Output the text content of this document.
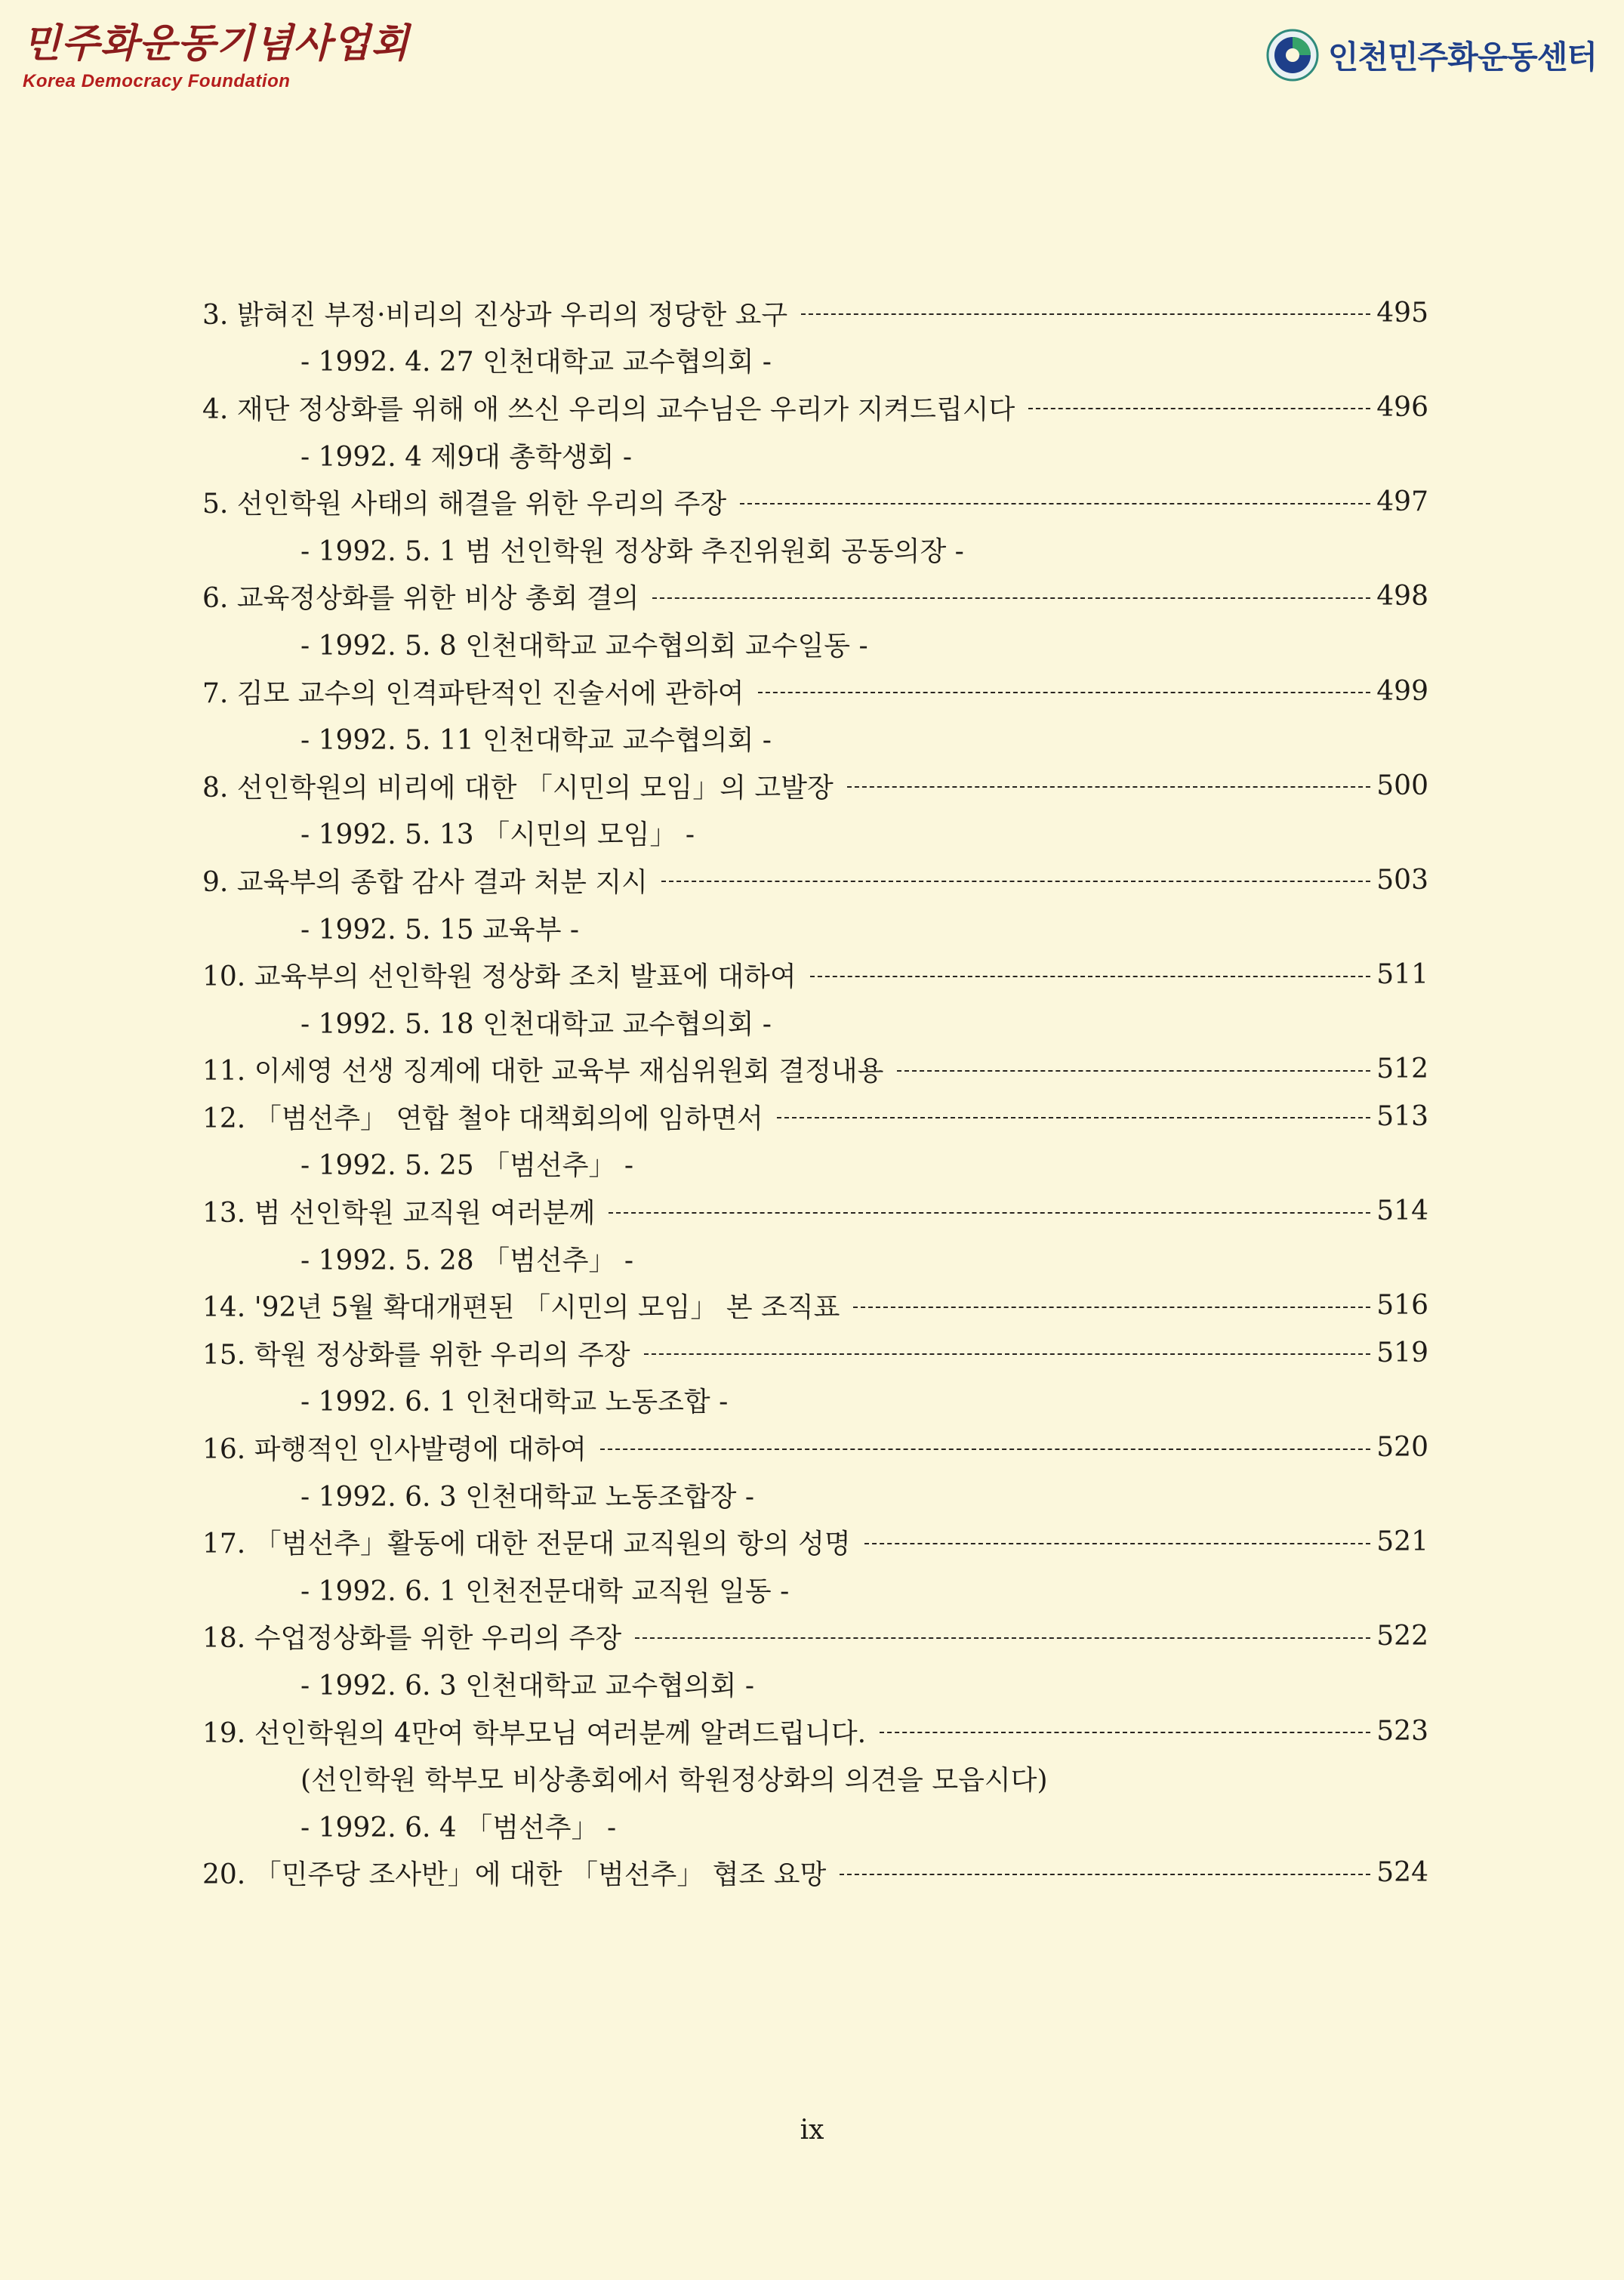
민주화운동기념사업회
Korea Democracy Foundation
인천민주화운동센터
3. 밝혀진 부정·비리의 진상과 우리의 정당한 요구	495
- 1992. 4. 27 인천대학교 교수협의회 -
4. 재단 정상화를 위해 애 쓰신 우리의 교수님은 우리가 지켜드립시다	496
- 1992. 4 제9대 총학생회 -
5. 선인학원 사태의 해결을 위한 우리의 주장	497
- 1992. 5. 1 범 선인학원 정상화 추진위원회 공동의장 -
6. 교육정상화를 위한 비상 총회 결의	498
- 1992. 5. 8 인천대학교 교수협의회 교수일동 -
7. 김모 교수의 인격파탄적인 진술서에 관하여	499
- 1992. 5. 11 인천대학교 교수협의회 -
8. 선인학원의 비리에 대한 「시민의 모임」의 고발장	500
- 1992. 5. 13 「시민의 모임」 -
9. 교육부의 종합 감사 결과 처분 지시	503
- 1992. 5. 15 교육부 -
10. 교육부의 선인학원 정상화 조치 발표에 대하여	511
- 1992. 5. 18 인천대학교 교수협의회 -
11. 이세영 선생 징계에 대한 교육부 재심위원회 결정내용	512
12. 「범선추」 연합 철야 대책회의에 임하면서	513
- 1992. 5. 25 「범선추」 -
13. 범 선인학원 교직원 여러분께	514
- 1992. 5. 28 「범선추」 -
14. '92년 5월 확대개편된 「시민의 모임」 본 조직표	516
15. 학원 정상화를 위한 우리의 주장	519
- 1992. 6. 1 인천대학교 노동조합 -
16. 파행적인 인사발령에 대하여	520
- 1992. 6. 3 인천대학교 노동조합장 -
17. 「범선추」활동에 대한 전문대 교직원의 항의 성명	521
- 1992. 6. 1 인천전문대학 교직원 일동 -
18. 수업정상화를 위한 우리의 주장	522
- 1992. 6. 3 인천대학교 교수협의회 -
19. 선인학원의 4만여 학부모님 여러분께 알려드립니다.	523
(선인학원 학부모 비상총회에서 학원정상화의 의견을 모읍시다)
- 1992. 6. 4 「범선추」 -
20. 「민주당 조사반」에 대한 「범선추」 협조 요망	524
ix
